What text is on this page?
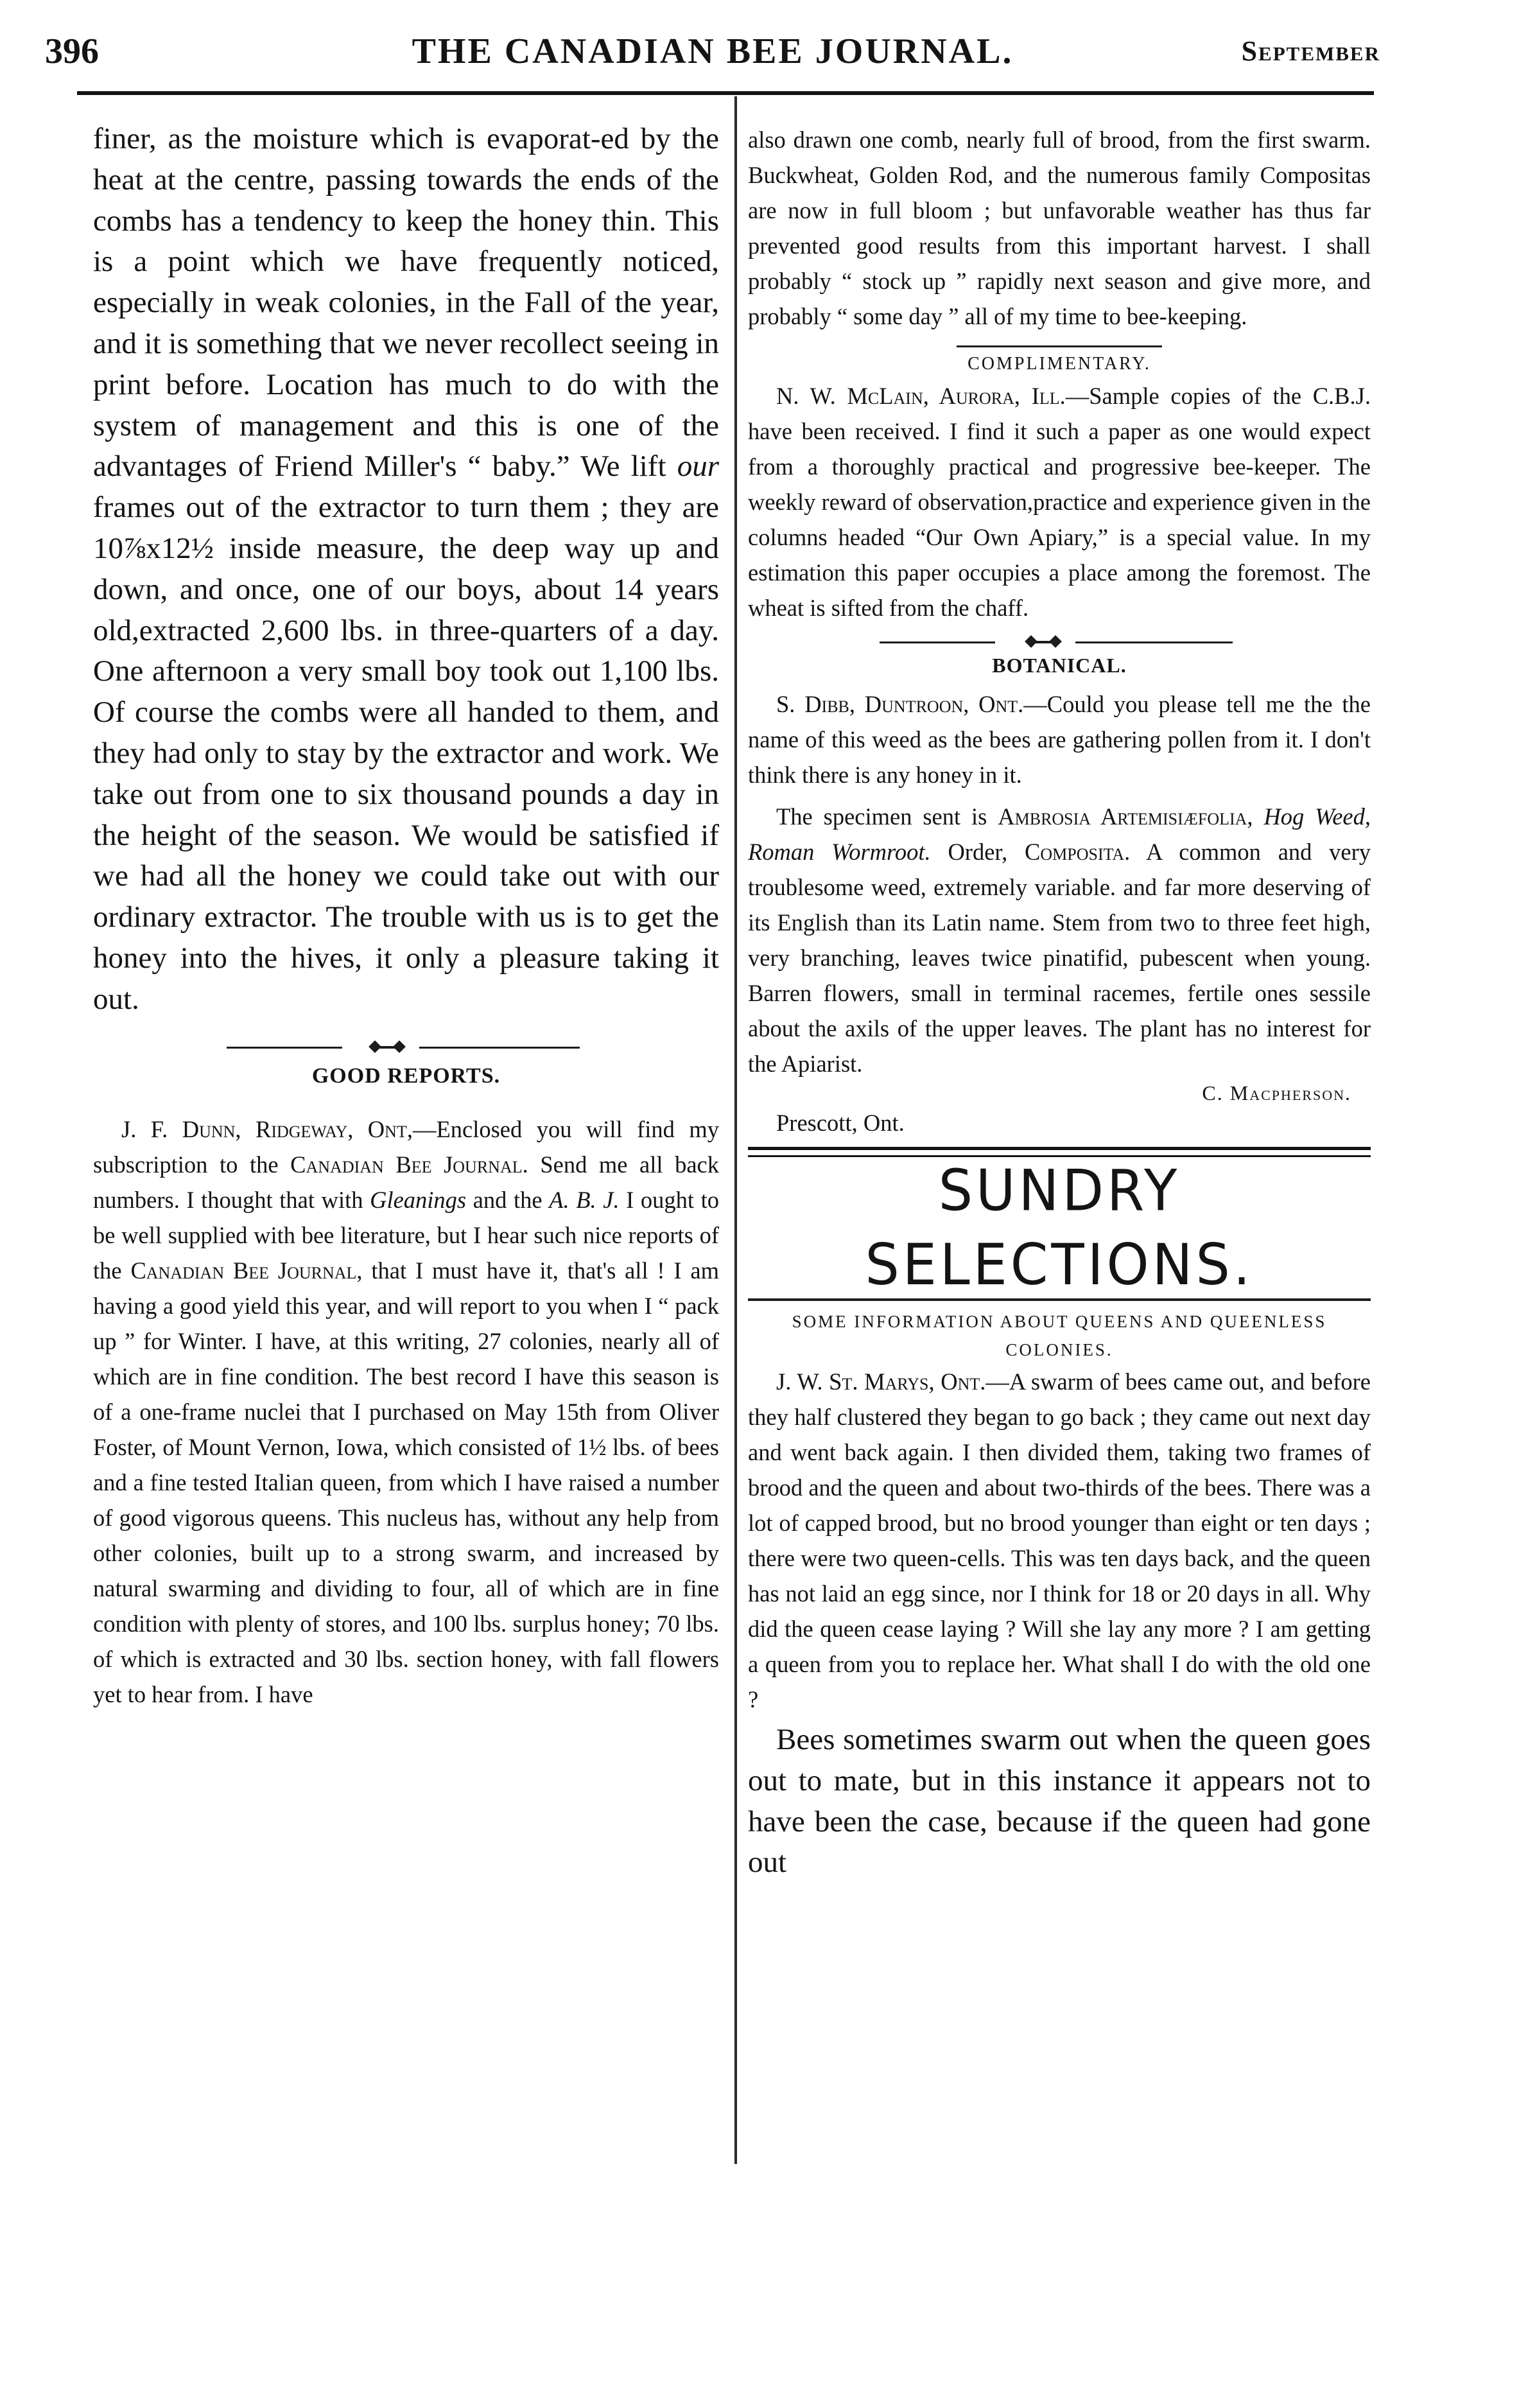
396	THE CANADIAN BEE JOURNAL.	September

finer, as the moisture which is evaporat-ed by the heat at the centre, passing towards the ends of the combs has a tendency to keep the honey thin. This is a point which we have frequently noticed, especially in weak colonies, in the Fall of the year, and it is something that we never recollect seeing in print before. Location has much to do with the system of management and this is one of the advantages of Friend Miller's “ baby.” We lift our frames out of the extractor to turn them ; they are 10⅞x12½ inside measure, the deep way up and down, and once, one of our boys, about 14 years old,extracted 2,600 lbs. in three-quarters of a day. One afternoon a very small boy took out 1,100 lbs. Of course the combs were all handed to them, and they had only to stay by the extractor and work. We take out from one to six thousand pounds a day in the height of the season. We would be satisfied if we had all the honey we could take out with our ordinary extractor. The trouble with us is to get the honey into the hives, it only a pleasure taking it out.

GOOD REPORTS.

J. F. Dunn, Ridgeway, Ont,—Enclosed you will find my subscription to the Canadian Bee Journal. Send me all back numbers. I thought that with Gleanings and the A. B. J. I ought to be well supplied with bee literature, but I hear such nice reports of the Canadian Bee Journal, that I must have it, that's all ! I am having a good yield this year, and will report to you when I “ pack up ” for Winter. I have, at this writing, 27 colonies, nearly all of which are in fine condition. The best record I have this season is of a one-frame nuclei that I purchased on May 15th from Oliver Foster, of Mount Vernon, Iowa, which consisted of 1½ lbs. of bees and a fine tested Italian queen, from which I have raised a number of good vigorous queens. This nucleus has, without any help from other colonies, built up to a strong swarm, and increased by natural swarming and dividing to four, all of which are in fine condition with plenty of stores, and 100 lbs. surplus honey; 70 lbs. of which is extracted and 30 lbs. section honey, with fall flowers yet to hear from. I have

also drawn one comb, nearly full of brood, from the first swarm. Buckwheat, Golden Rod, and the numerous family Compositas are now in full bloom ; but unfavorable weather has thus far prevented good results from this important harvest. I shall probably “ stock up ” rapidly next season and give more, and probably “ some day ” all of my time to bee-keeping.

COMPLIMENTARY.

N. W. McLain, Aurora, Ill.—Sample copies of the C.B.J. have been received. I find it such a paper as one would expect from a thoroughly practical and progressive bee-keeper. The weekly reward of observation,practice and experience given in the columns headed “Our Own Apiary,” is a special value. In my estimation this paper occupies a place among the foremost. The wheat is sifted from the chaff.

BOTANICAL.

S. Dibb, Duntroon, Ont.—Could you please tell me the the name of this weed as the bees are gathering pollen from it. I don't think there is any honey in it.

The specimen sent is Ambrosia Artemisiæfolia, Hog Weed, Roman Wormroot. Order, Composita. A common and very troublesome weed, extremely variable. and far more deserving of its English than its Latin name. Stem from two to three feet high, very branching, leaves twice pinatifid, pubescent when young. Barren flowers, small in terminal racemes, fertile ones sessile about the axils of the upper leaves. The plant has no interest for the Apiarist.

C. Macpherson.

Prescott, Ont.

SUNDRY SELECTIONS.

SOME INFORMATION ABOUT QUEENS AND QUEENLESS COLONIES.

J. W. St. Marys, Ont.—A swarm of bees came out, and before they half clustered they began to go back ; they came out next day and went back again. I then divided them, taking two frames of brood and the queen and about two-thirds of the bees. There was a lot of capped brood, but no brood younger than eight or ten days ; there were two queen-cells. This was ten days back, and the queen has not laid an egg since, nor I think for 18 or 20 days in all. Why did the queen cease laying ? Will she lay any more ? I am getting a queen from you to replace her. What shall I do with the old one ?

Bees sometimes swarm out when the queen goes out to mate, but in this instance it appears not to have been the case, because if the queen had gone out
